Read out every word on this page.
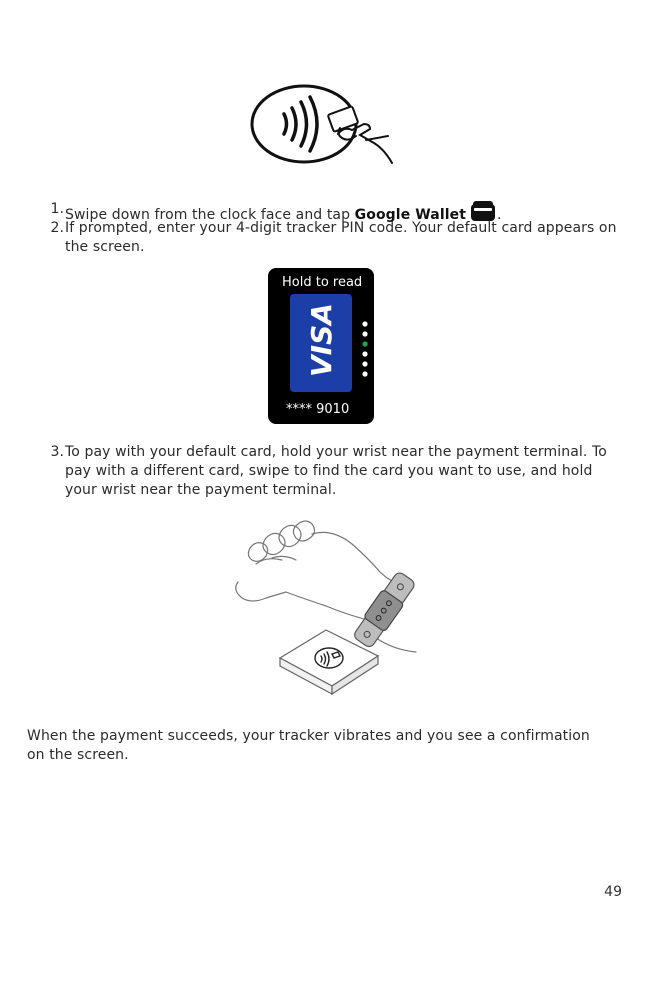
1. Swipe down from the clock face and tap Google Wallet .
2. If prompted, enter your 4-digit tracker PIN code. Your default card appears on the screen.
Hold to read
VISA
**** 9010
3. To pay with your default card, hold your wrist near the payment terminal. To pay with a different card, swipe to find the card you want to use, and hold your wrist near the payment terminal.
When the payment succeeds, your tracker vibrates and you see a confirmation on the screen.
49
